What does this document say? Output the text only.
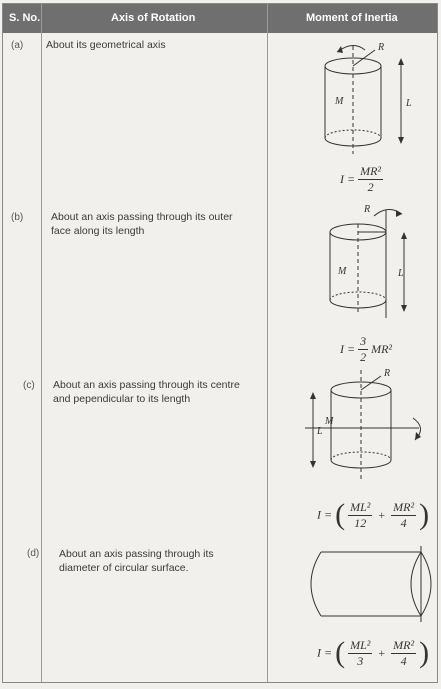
S. No.	Axis of Rotation	Moment of Inertia
(a) About its geometrical axis	R
M	L
$I = \frac{\text{MR²}}{2}$
(b)	About an axis passing through its outer
face along its length
R
M	L
$I = \frac{3}{2} MR^2$
(c) About an axis passing through its centre
and pependicular to its length
R
M
L
I = ( $\frac{\text{ML²}}{12} + \frac{\text{MR²}}{4}$ )
(d) About an axis passing through its
diameter of circular surface.
I = ( $\frac{\text{ML²}}{3} + \frac{\text{MR²}}{4}$ )
